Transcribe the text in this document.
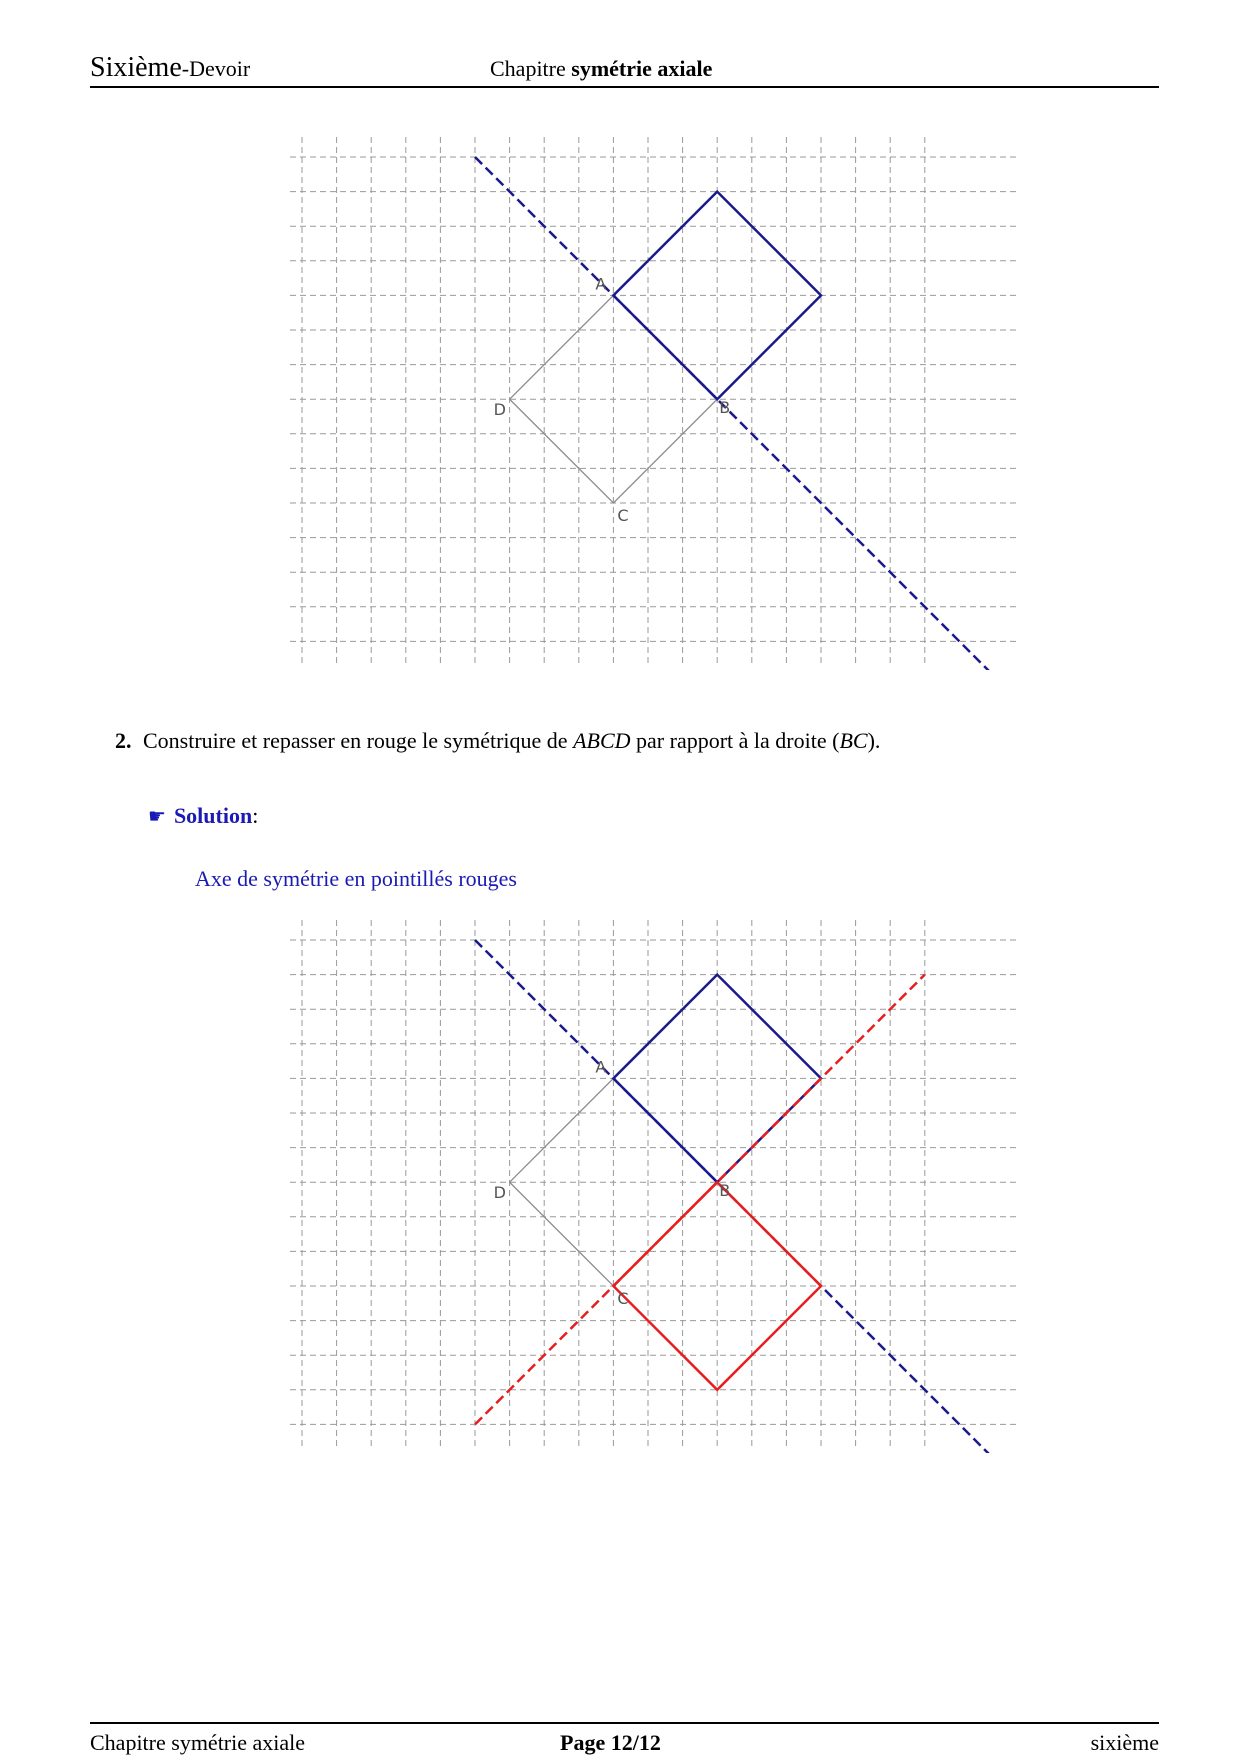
Sixième-Devoir	Chapitre symétrie axiale
A
B
C
D
2. Construire et repasser en rouge le symétrique de ABCD par rapport à la droite (BC).
☛ Solution:
Axe de symétrie en pointillés rouges
A
B
C
D
Chapitre symétrie axiale	Page 12/12	sixième
